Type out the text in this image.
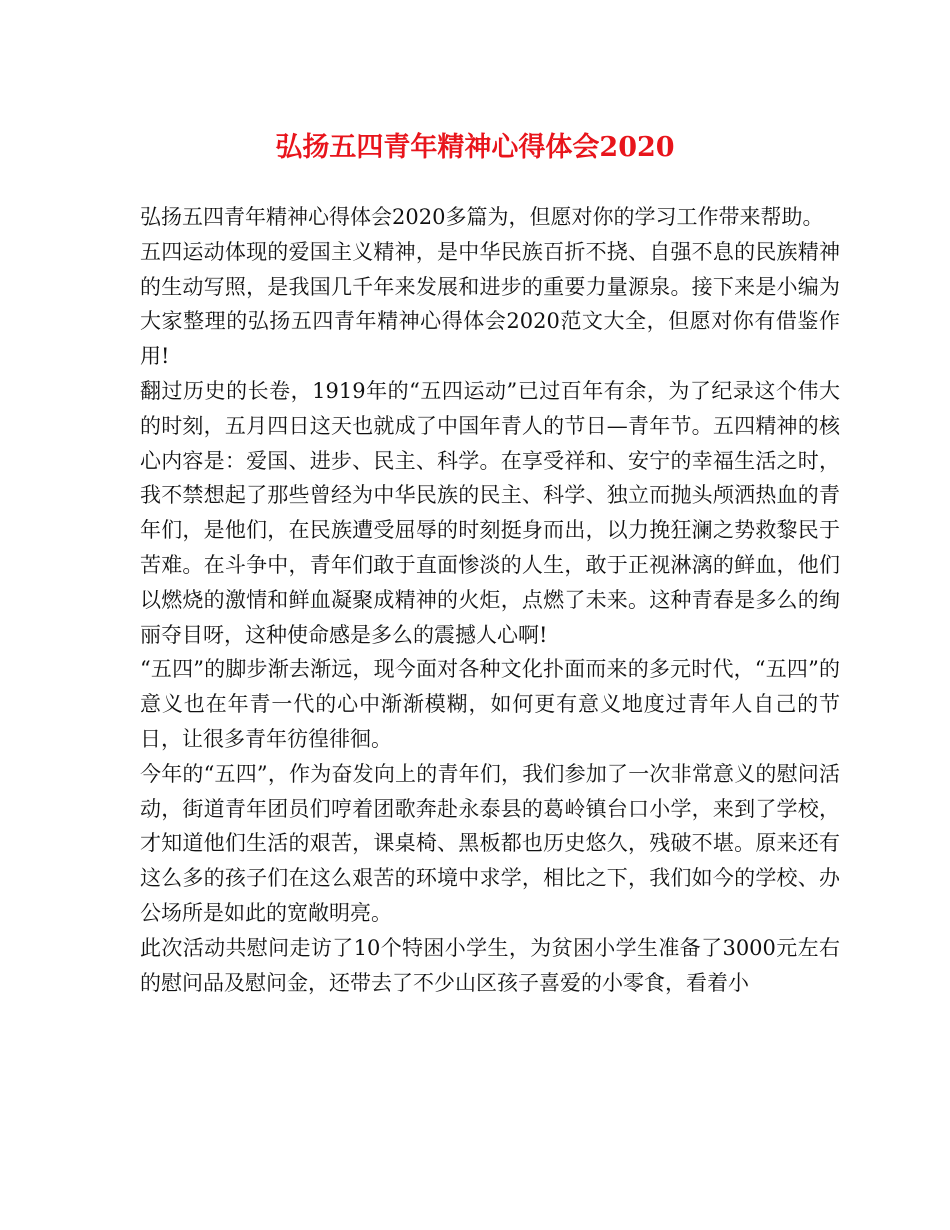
弘扬五四青年精神心得体会2020

弘扬五四青年精神心得体会2020多篇为，但愿对你的学习工作带来帮助。

五四运动体现的爱国主义精神，是中华民族百折不挠、自强不息的民族精神的生动写照，是我国几千年来发展和进步的重要力量源泉。接下来是小编为大家整理的弘扬五四青年精神心得体会2020范文大全，但愿对你有借鉴作用!

翻过历史的长卷，1919年的“五四运动”已过百年有余，为了纪录这个伟大的时刻，五月四日这天也就成了中国年青人的节日—青年节。五四精神的核心内容是：爱国、进步、民主、科学。在享受祥和、安宁的幸福生活之时，我不禁想起了那些曾经为中华民族的民主、科学、独立而抛头颅洒热血的青年们，是他们，在民族遭受屈辱的时刻挺身而出，以力挽狂澜之势救黎民于苦难。在斗争中，青年们敢于直面惨淡的人生，敢于正视淋漓的鲜血，他们以燃烧的激情和鲜血凝聚成精神的火炬，点燃了未来。这种青春是多么的绚丽夺目呀，这种使命感是多么的震撼人心啊!

“五四”的脚步渐去渐远，现今面对各种文化扑面而来的多元时代，“五四”的意义也在年青一代的心中渐渐模糊，如何更有意义地度过青年人自己的节日，让很多青年彷徨徘徊。

今年的“五四”，作为奋发向上的青年们，我们参加了一次非常意义的慰问活动，街道青年团员们哼着团歌奔赴永泰县的葛岭镇台口小学，来到了学校，才知道他们生活的艰苦，课桌椅、黑板都也历史悠久，残破不堪。原来还有这么多的孩子们在这么艰苦的环境中求学，相比之下，我们如今的学校、办公场所是如此的宽敞明亮。

此次活动共慰问走访了10个特困小学生，为贫困小学生准备了3000元左右的慰问品及慰问金，还带去了不少山区孩子喜爱的小零食，看着小
